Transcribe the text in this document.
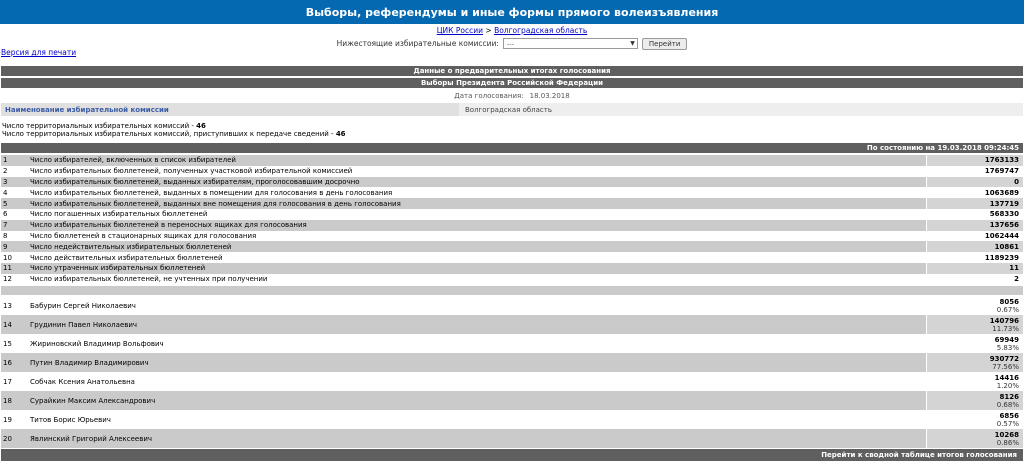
Выборы, референдумы и иные формы прямого волеизъявления
ЦИК России > Волгоградская область
Нижестоящие избирательные комиссии: ---	▼	Перейти
Версия для печати
Данные о предварительных итогах голосования
Выборы Президента Российской Федерации
Дата голосования: 18.03.2018
Наименование избирательной комиссии	Волгоградская область
Число территориальных избирательных комиссий - 46
Число территориальных избирательных комиссий, приступивших к передаче сведений - 46
По состоянию на 19.03.2018 09:24:45
1	Число избирателей, включенных в список избирателей	1763133
2	Число избирательных бюллетеней, полученных участковой избирательной комиссией	1769747
3	Число избирательных бюллетеней, выданных избирателям, проголосовавшим досрочно	0
4	Число избирательных бюллетеней, выданных в помещении для голосования в день голосования	1063689
5	Число избирательных бюллетеней, выданных вне помещения для голосования в день голосования	137719
6	Число погашенных избирательных бюллетеней	568330
7	Число избирательных бюллетеней в переносных ящиках для голосования	137656
8	Число бюллетеней в стационарных ящиках для голосования	1062444
9	Число недействительных избирательных бюллетеней	10861
10	Число действительных избирательных бюллетеней	1189239
11	Число утраченных избирательных бюллетеней	11
12	Число избирательных бюллетеней, не учтенных при получении	2
13	Бабурин Сергей Николаевич	8056
0.67%
14	Грудинин Павел Николаевич	140796
11.73%
15	Жириновский Владимир Вольфович	69949
5.83%
16	Путин Владимир Владимирович	930772
77.56%
17	Собчак Ксения Анатольевна	14416
1.20%
18	Сурайкин Максим Александрович	8126
0.68%
19	Титов Борис Юрьевич	6856
0.57%
20	Явлинский Григорий Алексеевич	10268
0.86%
Перейти к сводной таблице итогов голосования
